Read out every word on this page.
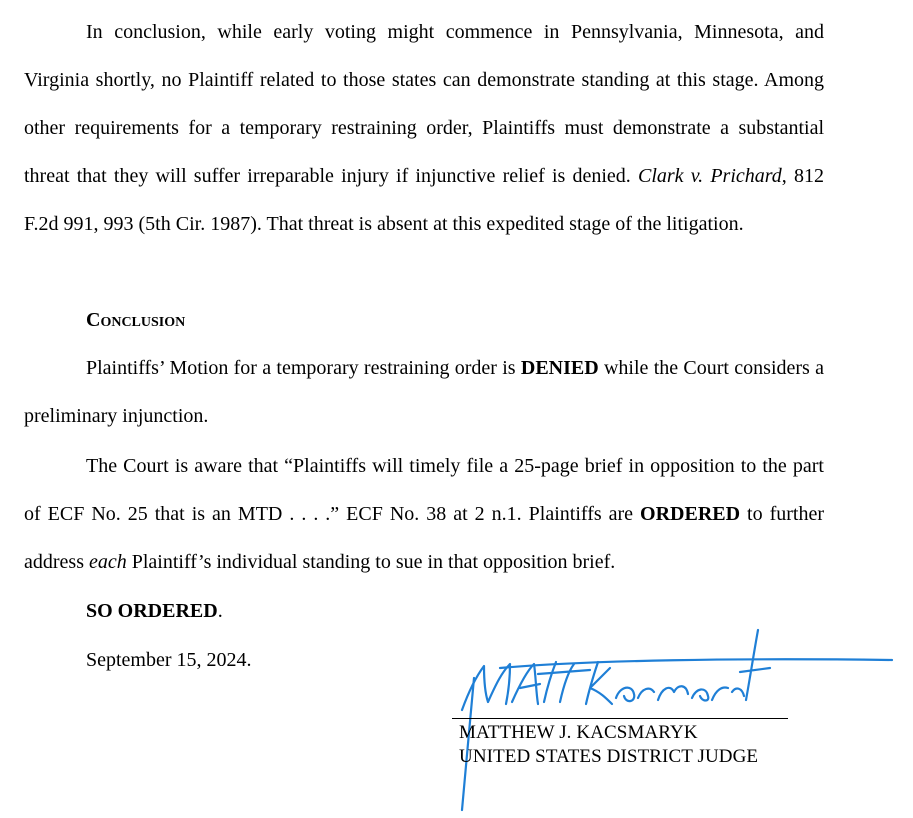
In conclusion, while early voting might commence in Pennsylvania, Minnesota, and Virginia shortly, no Plaintiff related to those states can demonstrate standing at this stage. Among other requirements for a temporary restraining order, Plaintiffs must demonstrate a substantial threat that they will suffer irreparable injury if injunctive relief is denied. Clark v. Prichard, 812 F.2d 991, 993 (5th Cir. 1987). That threat is absent at this expedited stage of the litigation.

Conclusion

Plaintiffs’ Motion for a temporary restraining order is DENIED while the Court considers a preliminary injunction.

The Court is aware that “Plaintiffs will timely file a 25-page brief in opposition to the part of ECF No. 25 that is an MTD . . . .” ECF No. 38 at 2 n.1. Plaintiffs are ORDERED to further address each Plaintiff’s individual standing to sue in that opposition brief.

SO ORDERED.

September 15, 2024.

MATTHEW J. KACSMARYK

UNITED STATES DISTRICT JUDGE
